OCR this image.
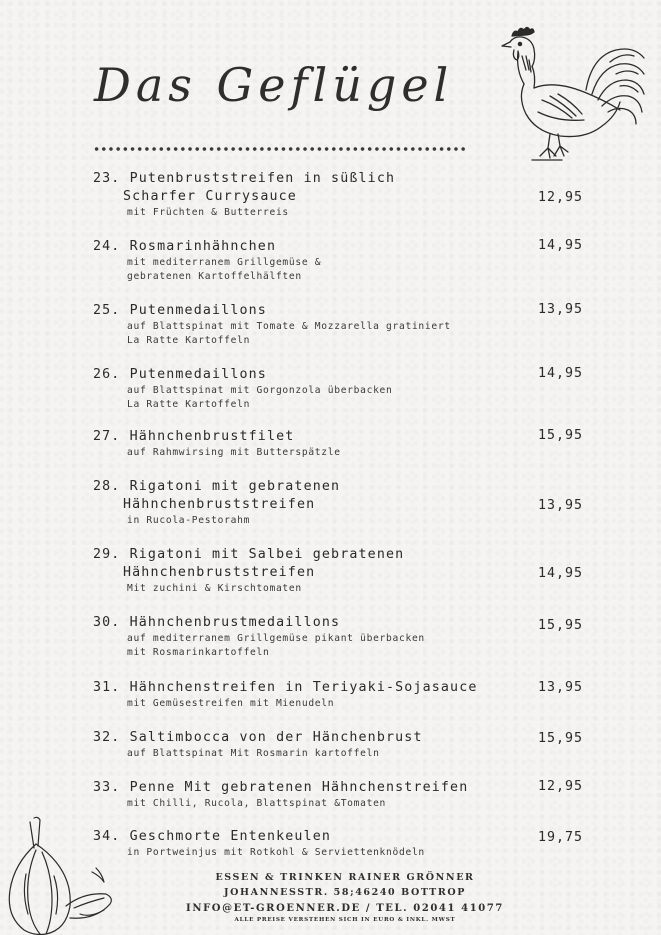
Das Geflügel
23. Putenbruststreifen in süßlich
Scharfer Currysauce
mit Früchten & Butterreis
12,95
24. Rosmarinhähnchen
mit mediterranem Grillgemüse &
gebratenen Kartoffelhälften
14,95
25. Putenmedaillons
auf Blattspinat mit Tomate & Mozzarella gratiniert
La Ratte Kartoffeln
13,95
26. Putenmedaillons
auf Blattspinat mit Gorgonzola überbacken
La Ratte Kartoffeln
14,95
27. Hähnchenbrustfilet
auf Rahmwirsing mit Butterspätzle
15,95
28. Rigatoni mit gebratenen
Hähnchenbruststreifen
in Rucola-Pestorahm
13,95
29. Rigatoni mit Salbei gebratenen
Hähnchenbruststreifen
Mit zuchini & Kirschtomaten
14,95
30. Hähnchenbrustmedaillons
auf mediterranem Grillgemüse pikant überbacken
mit Rosmarinkartoffeln
15,95
31. Hähnchenstreifen in Teriyaki-Sojasauce
mit Gemüsestreifen mit Mienudeln
13,95
32. Saltimbocca von der Hänchenbrust
auf Blattspinat Mit Rosmarin kartoffeln
15,95
33. Penne Mit gebratenen Hähnchenstreifen
mit Chilli, Rucola, Blattspinat &Tomaten
12,95
34. Geschmorte Entenkeulen
in Portweinjus mit Rotkohl & Serviettenknödeln
19,75
ESSEN & TRINKEN RAINER GRÖNNER
JOHANNESSTR. 58;46240 BOTTROP
INFO@ET-GROENNER.DE / TEL. 02041 41077
ALLE PREISE VERSTEHEN SICH IN EURO & INKL. MWST
